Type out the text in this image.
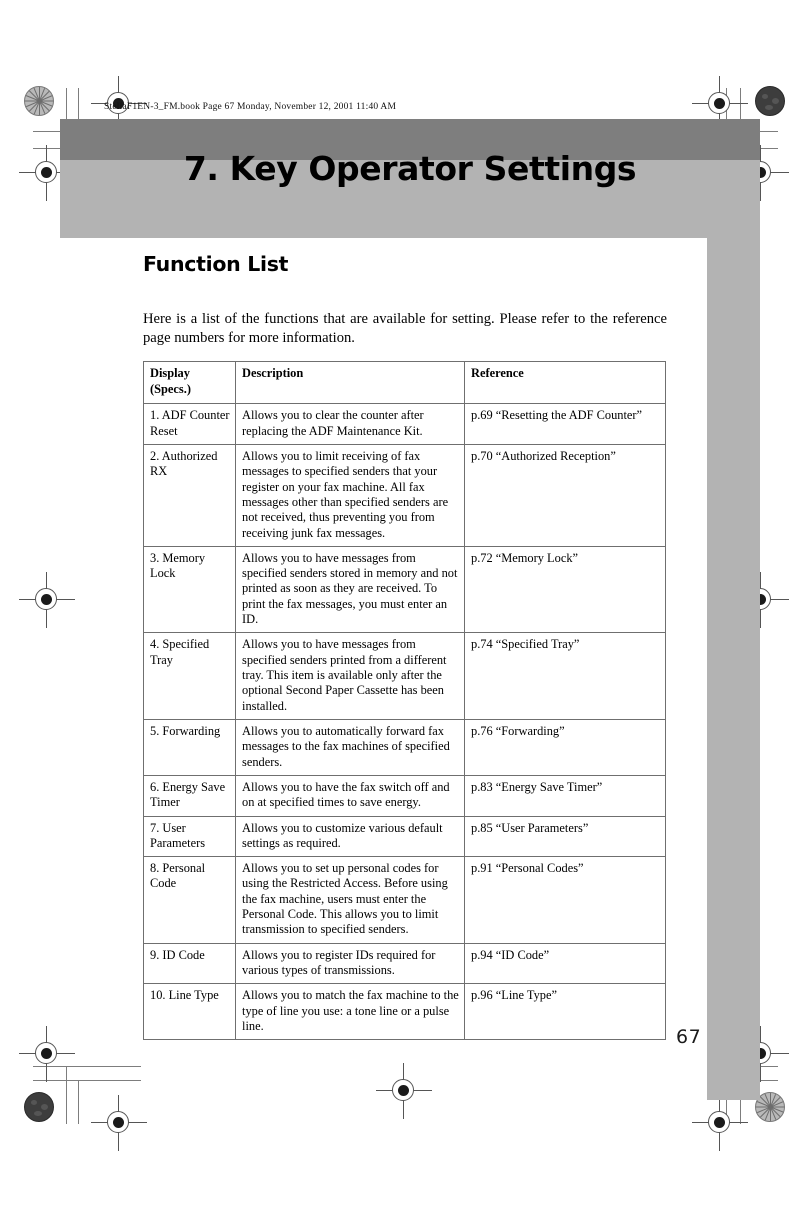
StellaF1EN-3_FM.book Page 67 Monday, November 12, 2001 11:40 AM
7. Key Operator Settings
Function List

Here is a list of the functions that are available for setting. Please refer to the reference page numbers for more information.

Display
(Specs.)	Description	Reference
1. ADF Counter Reset	Allows you to clear the counter after replacing the ADF Maintenance Kit.	p.69 “Resetting the ADF Counter”
2. Authorized RX	Allows you to limit receiving of fax messages to specified senders that your register on your fax machine. All fax messages other than specified senders are not received, thus preventing you from receiving junk fax messages.	p.70 “Authorized Reception”
3. Memory Lock	Allows you to have messages from specified senders stored in memory and not printed as soon as they are received. To print the fax messages, you must enter an ID.	p.72 “Memory Lock”
4. Specified Tray	Allows you to have messages from specified senders printed from a different tray. This item is available only after the optional Second Paper Cassette has been installed.	p.74 “Specified Tray”
5. Forwarding	Allows you to automatically forward fax messages to the fax machines of specified senders.	p.76 “Forwarding”
6. Energy Save Timer	Allows you to have the fax switch off and on at specified times to save energy.	p.83 “Energy Save Timer”
7. User Parameters	Allows you to customize various default settings as required.	p.85 “User Parameters”
8. Personal Code	Allows you to set up personal codes for using the Restricted Access. Before using the fax machine, users must enter the Personal Code. This allows you to limit transmission to specified senders.	p.91 “Personal Codes”
9. ID Code	Allows you to register IDs required for various types of transmissions.	p.94 “ID Code”
10. Line Type	Allows you to match the fax machine to the type of line you use: a tone line or a pulse line.	p.96 “Line Type”
67
